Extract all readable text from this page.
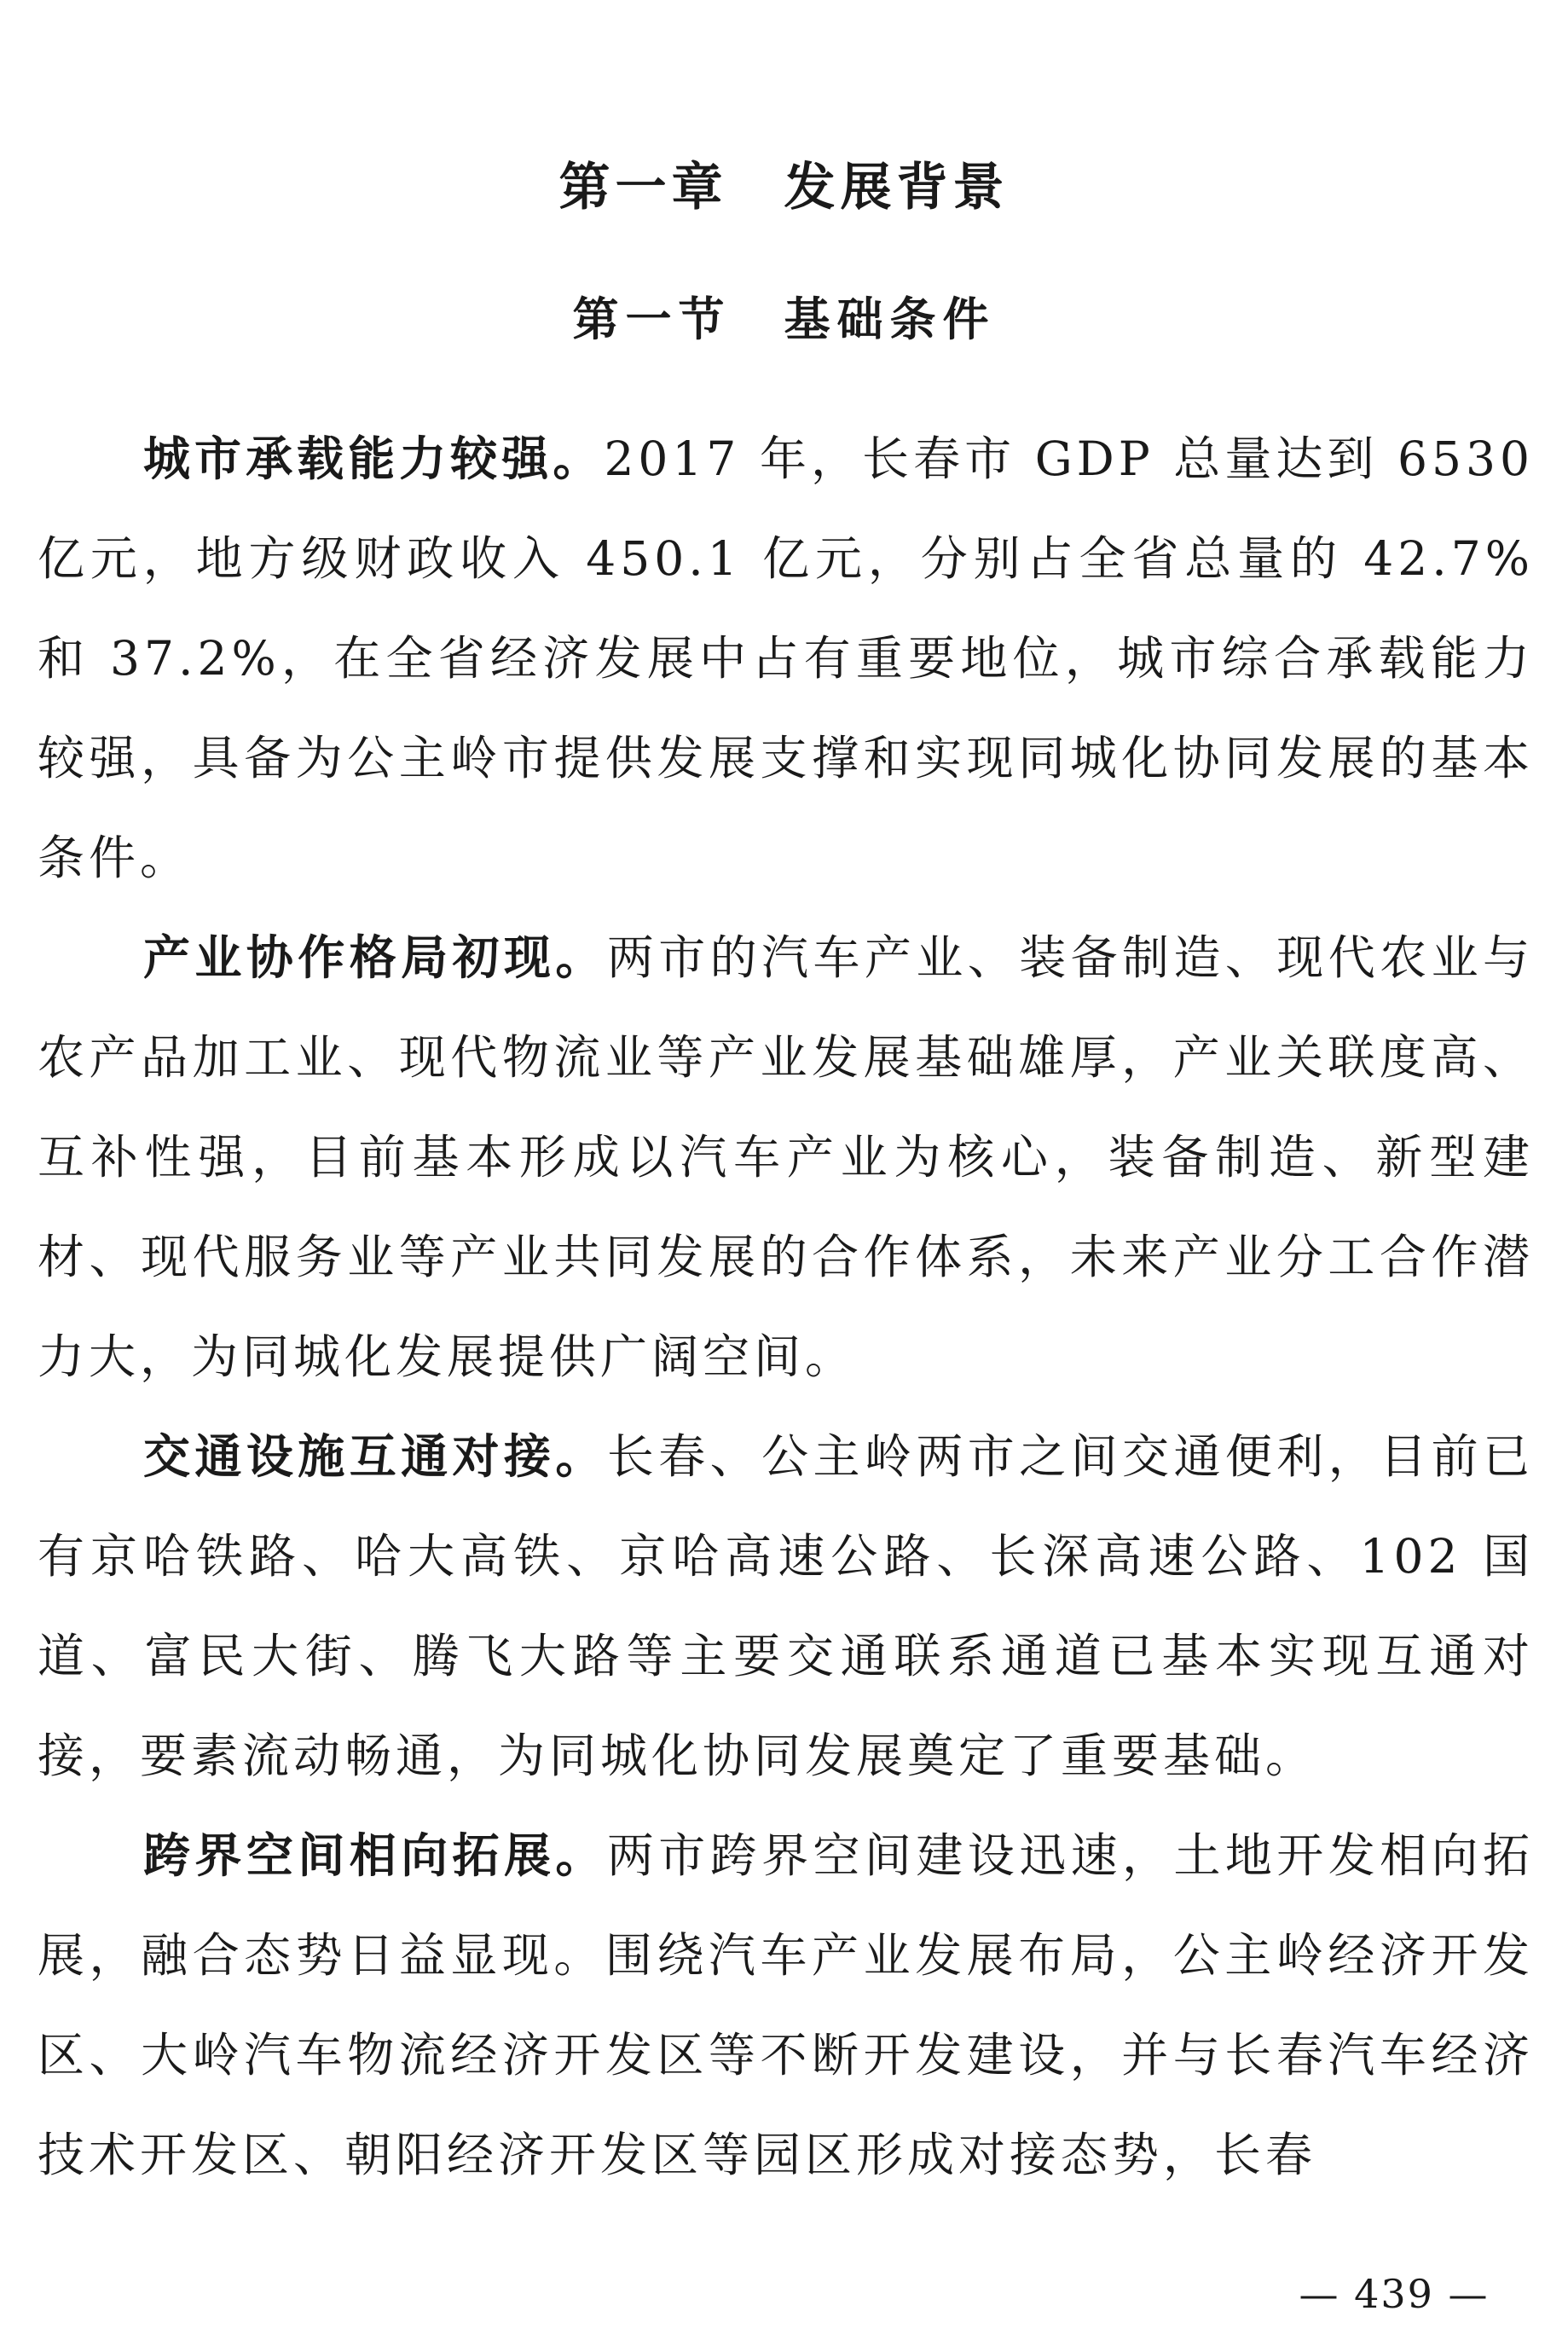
第一章　发展背景
第一节　基础条件

城市承载能力较强。2017 年，长春市 GDP 总量达到 6530 亿元，地方级财政收入 450.1 亿元，分别占全省总量的 42.7% 和 37.2%，在全省经济发展中占有重要地位，城市综合承载能力较强，具备为公主岭市提供发展支撑和实现同城化协同发展的基本条件。

产业协作格局初现。两市的汽车产业、装备制造、现代农业与农产品加工业、现代物流业等产业发展基础雄厚，产业关联度高、互补性强，目前基本形成以汽车产业为核心，装备制造、新型建材、现代服务业等产业共同发展的合作体系，未来产业分工合作潜力大，为同城化发展提供广阔空间。

交通设施互通对接。长春、公主岭两市之间交通便利，目前已有京哈铁路、哈大高铁、京哈高速公路、长深高速公路、102 国道、富民大街、腾飞大路等主要交通联系通道已基本实现互通对接，要素流动畅通，为同城化协同发展奠定了重要基础。

跨界空间相向拓展。两市跨界空间建设迅速，土地开发相向拓展，融合态势日益显现。围绕汽车产业发展布局，公主岭经济开发区、大岭汽车物流经济开发区等不断开发建设，并与长春汽车经济技术开发区、朝阳经济开发区等园区形成对接态势，长春

— 439 —
